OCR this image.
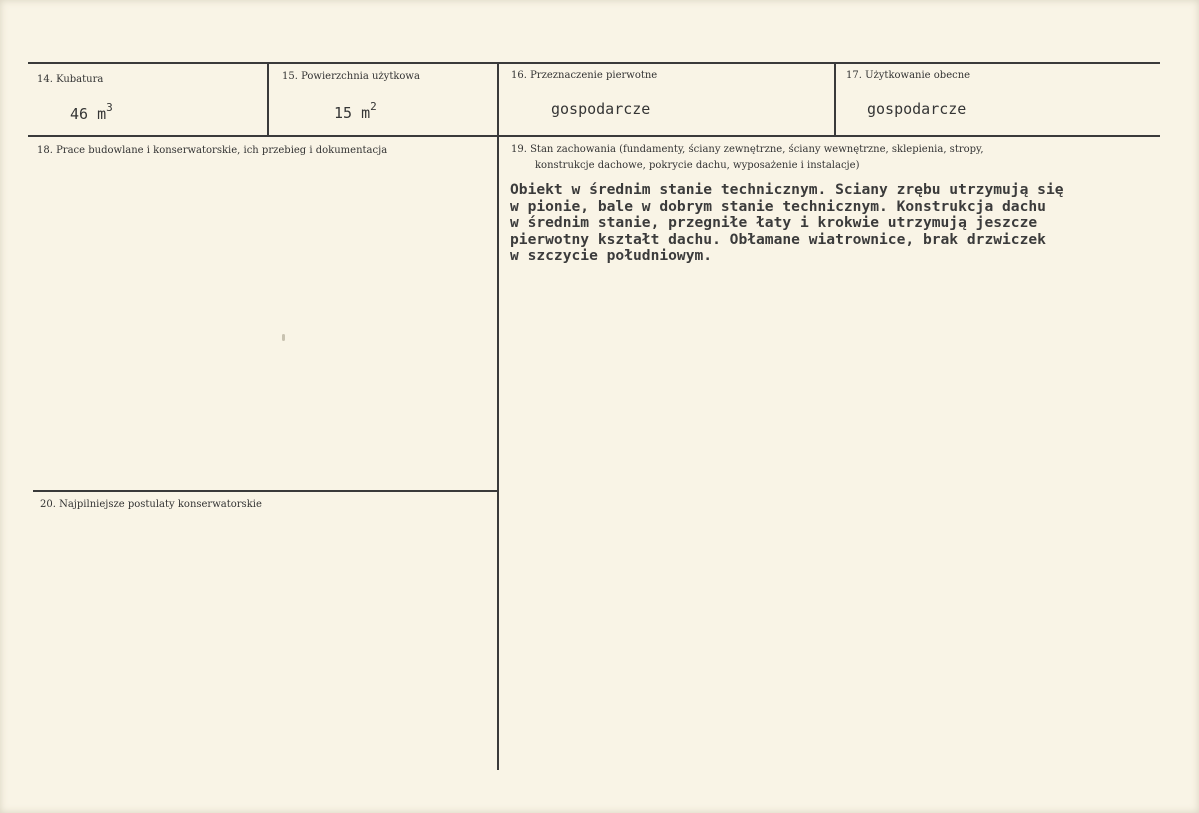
14. Kubatura
46 $m^3$
15. Powierzchnia użytkowa
15 $m^2$
16. Przeznaczenie pierwotne
gospodarcze
17. Użytkowanie obecne
gospodarcze
18. Prace budowlane i konserwatorskie, ich przebieg i dokumentacja	19. Stan zachowania (fundamenty, ściany zewnętrzne, ściany wewnętrzne, sklepienia, stropy,
konstrukcje dachowe, pokrycie dachu, wyposażenie i instalacje)
Obiekt w średnim stanie technicznym. Sciany zrębu utrzymują się
w pionie, bale w dobrym stanie technicznym. Konstrukcja dachu
w średnim stanie, przegniłe łaty i krokwie utrzymują jeszcze
pierwotny kształt dachu. Obłamane wiatrownice, brak drzwiczek
w szczycie południowym.
20. Najpilniejsze postulaty konserwatorskie
